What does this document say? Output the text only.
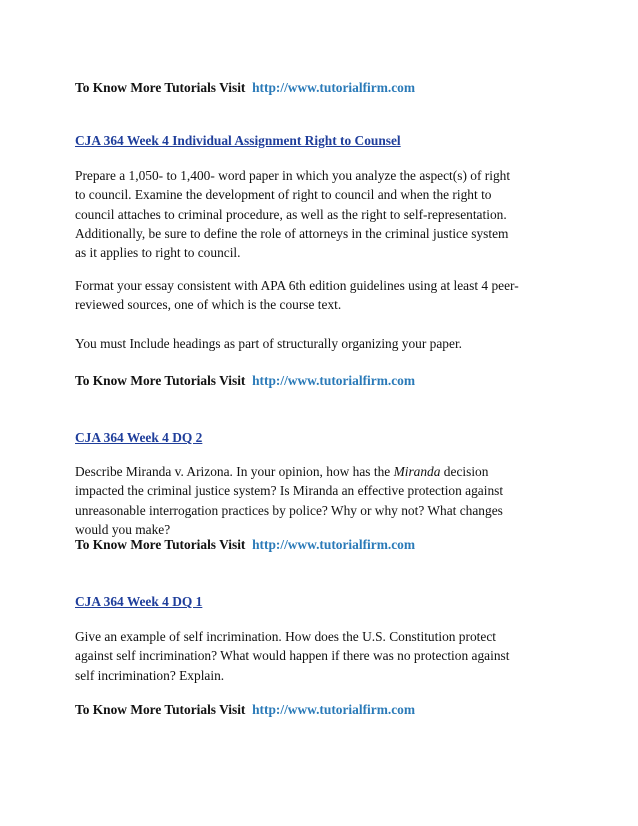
To Know More Tutorials Visit http://www.tutorialfirm.com

CJA 364 Week 4 Individual Assignment Right to Counsel

Prepare a 1,050- to 1,400- word paper in which you analyze the aspect(s) of right
to council. Examine the development of right to council and when the right to
council attaches to criminal procedure, as well as the right to self-representation.
Additionally, be sure to define the role of attorneys in the criminal justice system
as it applies to right to council.

Format your essay consistent with APA 6th edition guidelines using at least 4 peer-
reviewed sources, one of which is the course text.

You must Include headings as part of structurally organizing your paper.

To Know More Tutorials Visit http://www.tutorialfirm.com

CJA 364 Week 4 DQ 2

Describe Miranda v. Arizona. In your opinion, how has the Miranda decision
impacted the criminal justice system? Is Miranda an effective protection against
unreasonable interrogation practices by police? Why or why not? What changes
would you make?

To Know More Tutorials Visit http://www.tutorialfirm.com

CJA 364 Week 4 DQ 1

Give an example of self incrimination. How does the U.S. Constitution protect
against self incrimination? What would happen if there was no protection against
self incrimination? Explain.

To Know More Tutorials Visit http://www.tutorialfirm.com
